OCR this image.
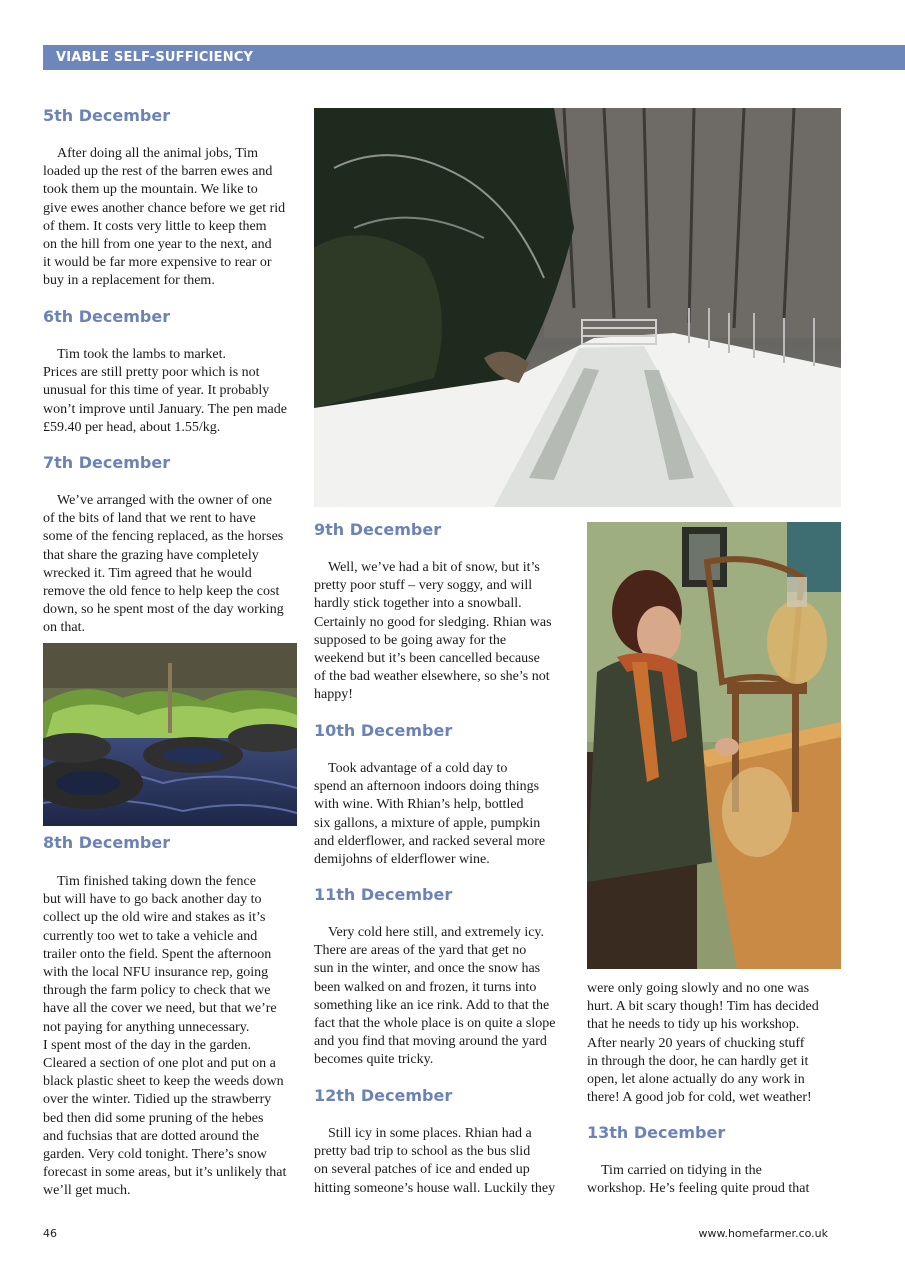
VIABLE SELF-SUFFICIENCY
5th December

 After doing all the animal jobs, Tim
loaded up the rest of the barren ewes and
took them up the mountain. We like to
give ewes another chance before we get rid
of them. It costs very little to keep them
on the hill from one year to the next, and
it would be far more expensive to rear or
buy in a replacement for them.

6th December

 Tim took the lambs to market.
Prices are still pretty poor which is not
unusual for this time of year. It probably
won’t improve until January. The pen made
£59.40 per head, about 1.55/kg.

7th December

 We’ve arranged with the owner of one
of the bits of land that we rent to have
some of the fencing replaced, as the horses
that share the grazing have completely
wrecked it. Tim agreed that he would
remove the old fence to help keep the cost
down, so he spent most of the day working
on that.

8th December

 Tim finished taking down the fence
but will have to go back another day to
collect up the old wire and stakes as it’s
currently too wet to take a vehicle and
trailer onto the field. Spent the afternoon
with the local NFU insurance rep, going
through the farm policy to check that we
have all the cover we need, but that we’re
not paying for anything unnecessary.
I spent most of the day in the garden.
Cleared a section of one plot and put on a
black plastic sheet to keep the weeds down
over the winter. Tidied up the strawberry
bed then did some pruning of the hebes
and fuchsias that are dotted around the
garden. Very cold tonight. There’s snow
forecast in some areas, but it’s unlikely that
we’ll get much.

9th December

 Well, we’ve had a bit of snow, but it’s
pretty poor stuff – very soggy, and will
hardly stick together into a snowball.
Certainly no good for sledging. Rhian was
supposed to be going away for the
weekend but it’s been cancelled because
of the bad weather elsewhere, so she’s not
happy!

10th December

 Took advantage of a cold day to
spend an afternoon indoors doing things
with wine. With Rhian’s help, bottled
six gallons, a mixture of apple, pumpkin
and elderflower, and racked several more
demijohns of elderflower wine.

11th December

 Very cold here still, and extremely icy.
There are areas of the yard that get no
sun in the winter, and once the snow has
been walked on and frozen, it turns into
something like an ice rink. Add to that the
fact that the whole place is on quite a slope
and you find that moving around the yard
becomes quite tricky.

12th December

 Still icy in some places. Rhian had a
pretty bad trip to school as the bus slid
on several patches of ice and ended up
hitting someone’s house wall. Luckily they

were only going slowly and no one was
hurt. A bit scary though! Tim has decided
that he needs to tidy up his workshop.
After nearly 20 years of chucking stuff
in through the door, he can hardly get it
open, let alone actually do any work in
there! A good job for cold, wet weather!

13th December

 Tim carried on tidying in the
workshop. He’s feeling quite proud that

46	www.homefarmer.co.uk
